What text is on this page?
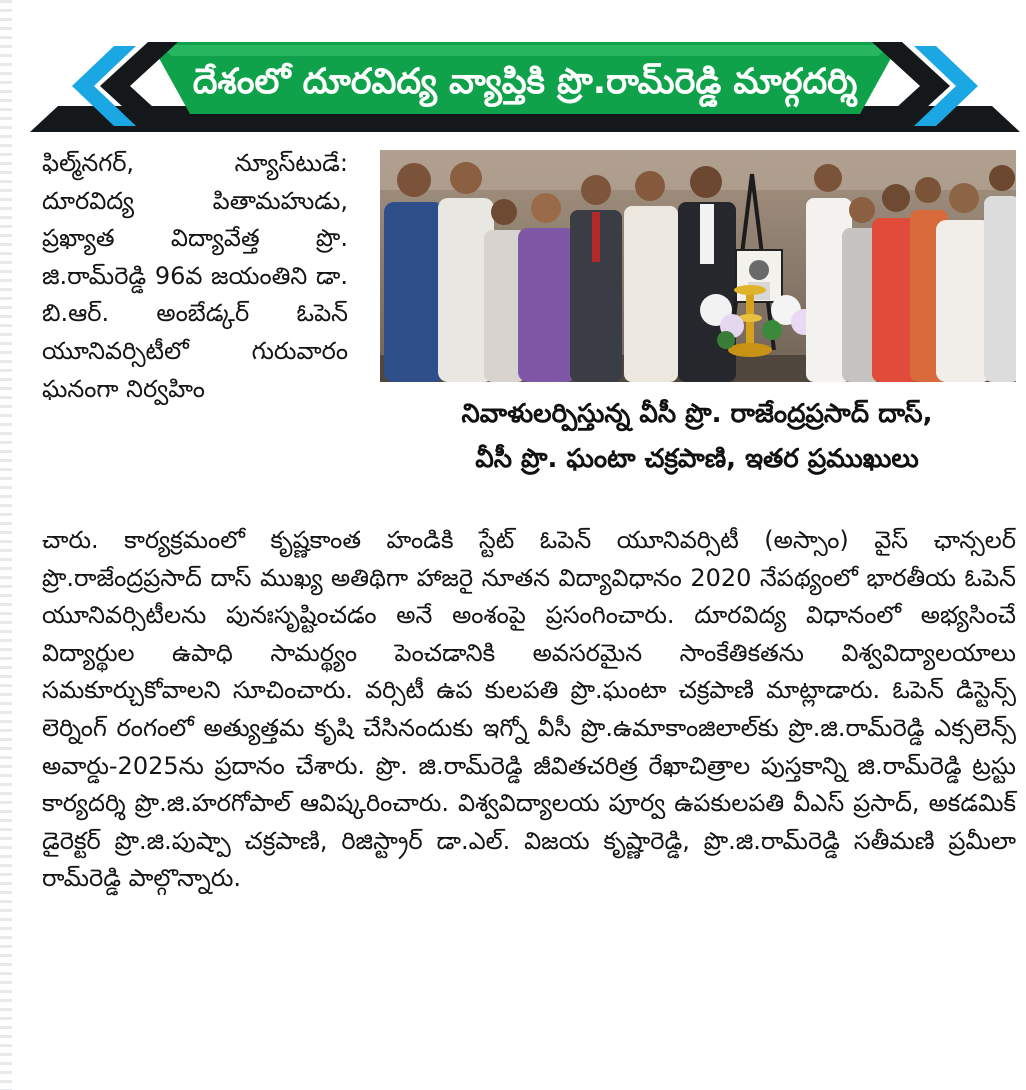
దేశంలో దూరవిద్య వ్యాప్తికి ప్రొ.రామ్‌రెడ్డి మార్గదర్శి

ఫిల్మ్‌నగర్, న్యూస్‌టుడే: దూరవిద్య పితామహుడు, ప్రఖ్యాత విద్యావేత్త ప్రొ. జి.రామ్‌రెడ్డి 96వ జయంతిని డా. బి.ఆర్. అంబేడ్కర్ ఓపెన్ యూనివర్సిటీలో గురువారం ఘనంగా నిర్వహిం

నివాళులర్పిస్తున్న వీసీ ప్రొ. రాజేంద్రప్రసాద్ దాస్,
వీసీ ప్రొ. ఘంటా చక్రపాణి, ఇతర ప్రముఖులు

చారు. కార్యక్రమంలో కృష్ణకాంత హండికి స్టేట్ ఓపెన్ యూనివర్సిటీ (అస్సాం) వైస్ ఛాన్సలర్ ప్రొ.రాజేంద్రప్రసాద్ దాస్ ముఖ్య అతిథిగా హాజరై నూతన విద్యావిధానం 2020 నేపథ్యంలో భారతీయ ఓపెన్ యూనివర్సిటీలను పునఃసృష్టించడం అనే అంశంపై ప్రసంగించారు. దూరవిద్య విధానంలో అభ్యసించే విద్యార్థుల ఉపాధి సామర్థ్యం పెంచడానికి అవసరమైన సాంకేతికతను విశ్వవిద్యాలయాలు సమకూర్చుకోవాలని సూచించారు. వర్సిటీ ఉప కులపతి ప్రొ.ఘంటా చక్రపాణి మాట్లాడారు. ఓపెన్ డిస్టెన్స్ లెర్నింగ్ రంగంలో అత్యుత్తమ కృషి చేసినందుకు ఇగ్నో వీసీ ప్రొ.ఉమాకాంజిలాల్‌కు ప్రొ.జి.రామ్‌రెడ్డి ఎక్సలెన్స్ అవార్డు-2025ను ప్రదానం చేశారు. ప్రొ. జి.రామ్‌రెడ్డి జీవితచరిత్ర రేఖాచిత్రాల పుస్తకాన్ని జి.రామ్‌రెడ్డి ట్రస్టు కార్యదర్శి ప్రొ.జి.హరగోపాల్ ఆవిష్కరించారు. విశ్వవిద్యాలయ పూర్వ ఉపకులపతి వీఎస్ ప్రసాద్, అకడమిక్ డైరెక్టర్ ప్రొ.జి.పుష్పా చక్రపాణి, రిజిస్ట్రార్ డా.ఎల్. విజయ కృష్ణారెడ్డి, ప్రొ.జి.రామ్‌రెడ్డి సతీమణి ప్రమీలా రామ్‌రెడ్డి పాల్గొన్నారు.
